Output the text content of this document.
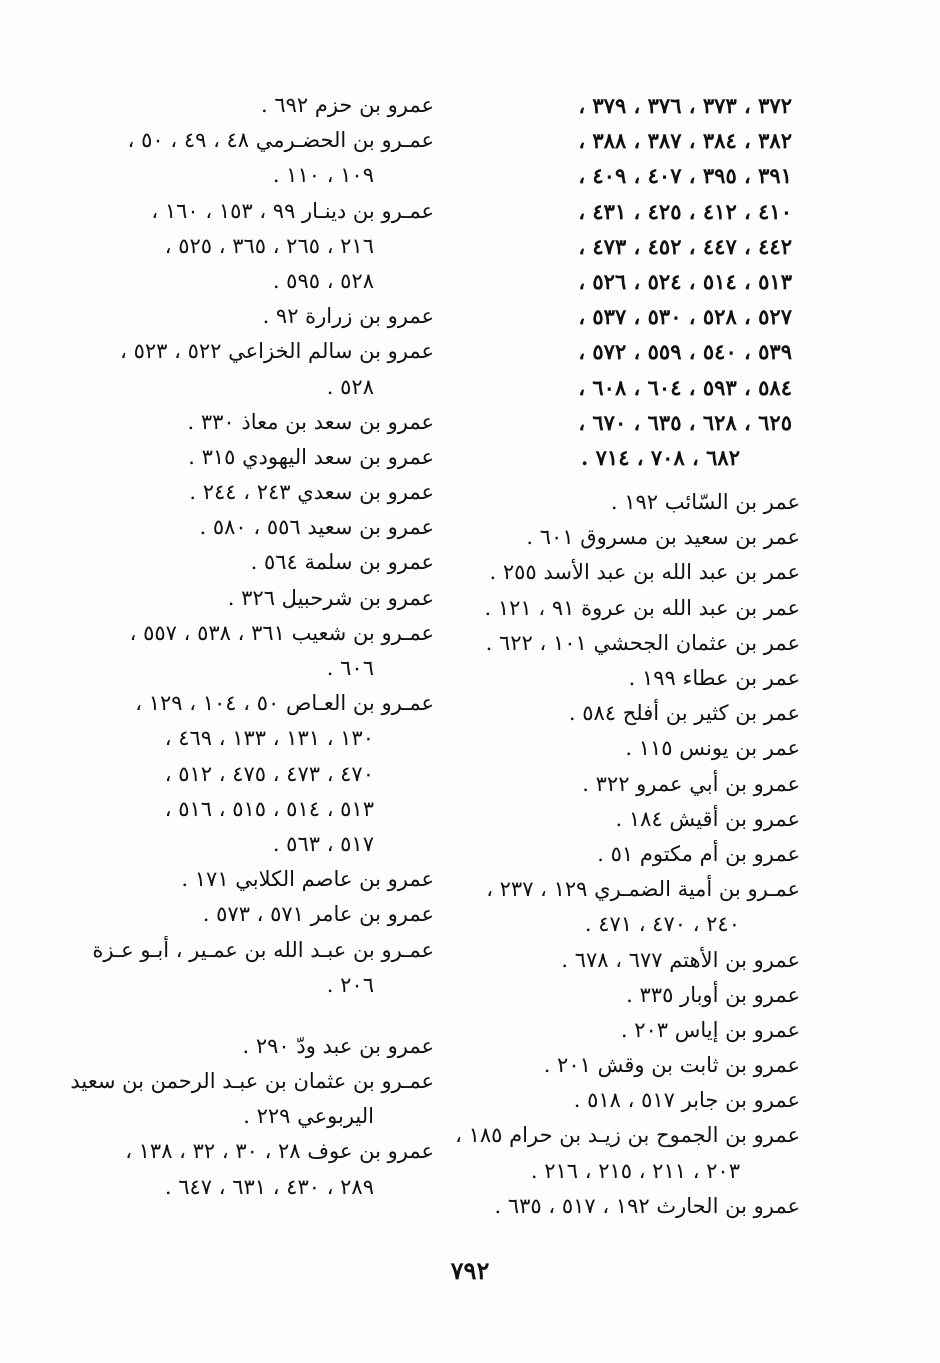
٣٧٢ ، ٣٧٣ ، ٣٧٦ ، ٣٧٩ ،
٣٨٢ ، ٣٨٤ ، ٣٨٧ ، ٣٨٨ ،
٣٩١ ، ٣٩٥ ، ٤٠٧ ، ٤٠٩ ،
٤١٠ ، ٤١٢ ، ٤٢٥ ، ٤٣١ ،
٤٤٢ ، ٤٤٧ ، ٤٥٢ ، ٤٧٣ ،
٥١٣ ، ٥١٤ ، ٥٢٤ ، ٥٢٦ ،
٥٢٧ ، ٥٢٨ ، ٥٣٠ ، ٥٣٧ ،
٥٣٩ ، ٥٤٠ ، ٥٥٩ ، ٥٧٢ ،
٥٨٤ ، ٥٩٣ ، ٦٠٤ ، ٦٠٨ ،
٦٢٥ ، ٦٢٨ ، ٦٣٥ ، ٦٧٠ ،
٦٨٢ ، ٧٠٨ ، ٧١٤ .
عمر بن السّائب ١٩٢ .
عمر بن سعيد بن مسروق ٦٠١ .
عمر بن عبد الله بن عبد الأسد ٢٥٥ .
عمر بن عبد الله بن عروة ٩١ ، ١٢١ .
عمر بن عثمان الجحشي ١٠١ ، ٦٢٢ .
عمر بن عطاء ١٩٩ .
عمر بن كثير بن أفلح ٥٨٤ .
عمر بن يونس ١١٥ .
عمرو بن أبي عمرو ٣٢٢ .
عمرو بن أقيش ١٨٤ .
عمرو بن أم مكتوم ٥١ .
عمـرو بن أمية الضمـري ١٢٩ ، ٢٣٧ ،
٢٤٠ ، ٤٧٠ ، ٤٧١ .
عمرو بن الأهتم ٦٧٧ ، ٦٧٨ .
عمرو بن أوبار ٣٣٥ .
عمرو بن إياس ٢٠٣ .
عمرو بن ثابت بن وقش ٢٠١ .
عمرو بن جابر ٥١٧ ، ٥١٨ .
عمرو بن الجموح بن زيـد بن حرام ١٨٥ ،
٢٠٣ ، ٢١١ ، ٢١٥ ، ٢١٦ .
عمرو بن الحارث ١٩٢ ، ٥١٧ ، ٦٣٥ .
عمرو بن حزم ٦٩٢ .
عمـرو بن الحضـرمي ٤٨ ، ٤٩ ، ٥٠ ،
١٠٩ ، ١١٠ .
عمـرو بن دينـار ٩٩ ، ١٥٣ ، ١٦٠ ،
٢١٦ ، ٢٦٥ ، ٣٦٥ ، ٥٢٥ ،
٥٢٨ ، ٥٩٥ .
عمرو بن زرارة ٩٢ .
عمرو بن سالم الخزاعي ٥٢٢ ، ٥٢٣ ،
٥٢٨ .
عمرو بن سعد بن معاذ ٣٣٠ .
عمرو بن سعد اليهودي ٣١٥ .
عمرو بن سعدي ٢٤٣ ، ٢٤٤ .
عمرو بن سعيد ٥٥٦ ، ٥٨٠ .
عمرو بن سلمة ٥٦٤ .
عمرو بن شرحبيل ٣٢٦ .
عمـرو بن شعيب ٣٦١ ، ٥٣٨ ، ٥٥٧ ،
٦٠٦ .
عمـرو بن العـاص ٥٠ ، ١٠٤ ، ١٢٩ ،
١٣٠ ، ١٣١ ، ١٣٣ ، ٤٦٩ ،
٤٧٠ ، ٤٧٣ ، ٤٧٥ ، ٥١٢ ،
٥١٣ ، ٥١٤ ، ٥١٥ ، ٥١٦ ،
٥١٧ ، ٥٦٣ .
عمرو بن عاصم الكلابي ١٧١ .
عمرو بن عامر ٥٧١ ، ٥٧٣ .
عمـرو بن عبـد الله بن عمـير ، أبـو عـزة
٢٠٦ .
عمرو بن عبد ودّ ٢٩٠ .
عمـرو بن عثمان بن عبـد الرحمن بن سعيد
اليربوعي ٢٢٩ .
عمرو بن عوف ٢٨ ، ٣٠ ، ٣٢ ، ١٣٨ ،
٢٨٩ ، ٤٣٠ ، ٦٣١ ، ٦٤٧ .
٧٩٢
